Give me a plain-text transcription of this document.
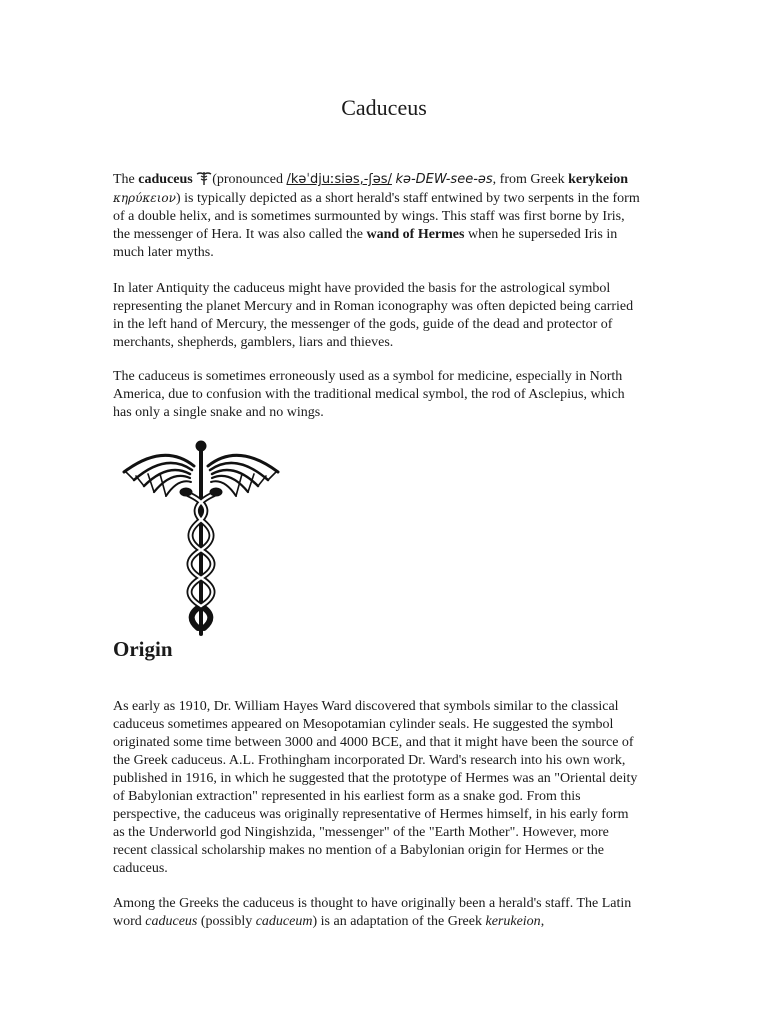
Caduceus

The caduceus (pronounced /kəˈdjuːsiəs,-ʃəs/ kə-DEW-see-əs, from Greek kerykeion κηρύκειον) is typically depicted as a short herald's staff entwined by two serpents in the form of a double helix, and is sometimes surmounted by wings. This staff was first borne by Iris, the messenger of Hera. It was also called the wand of Hermes when he superseded Iris in much later myths.

In later Antiquity the caduceus might have provided the basis for the astrological symbol representing the planet Mercury and in Roman iconography was often depicted being carried in the left hand of Mercury, the messenger of the gods, guide of the dead and protector of merchants, shepherds, gamblers, liars and thieves.

The caduceus is sometimes erroneously used as a symbol for medicine, especially in North America, due to confusion with the traditional medical symbol, the rod of Asclepius, which has only a single snake and no wings.

Origin

As early as 1910, Dr. William Hayes Ward discovered that symbols similar to the classical caduceus sometimes appeared on Mesopotamian cylinder seals. He suggested the symbol originated some time between 3000 and 4000 BCE, and that it might have been the source of the Greek caduceus. A.L. Frothingham incorporated Dr. Ward's research into his own work, published in 1916, in which he suggested that the prototype of Hermes was an "Oriental deity of Babylonian extraction" represented in his earliest form as a snake god. From this perspective, the caduceus was originally representative of Hermes himself, in his early form as the Underworld god Ningishzida, "messenger" of the "Earth Mother". However, more recent classical scholarship makes no mention of a Babylonian origin for Hermes or the caduceus.

Among the Greeks the caduceus is thought to have originally been a herald's staff. The Latin word caduceus (possibly caduceum) is an adaptation of the Greek kerukeion,
